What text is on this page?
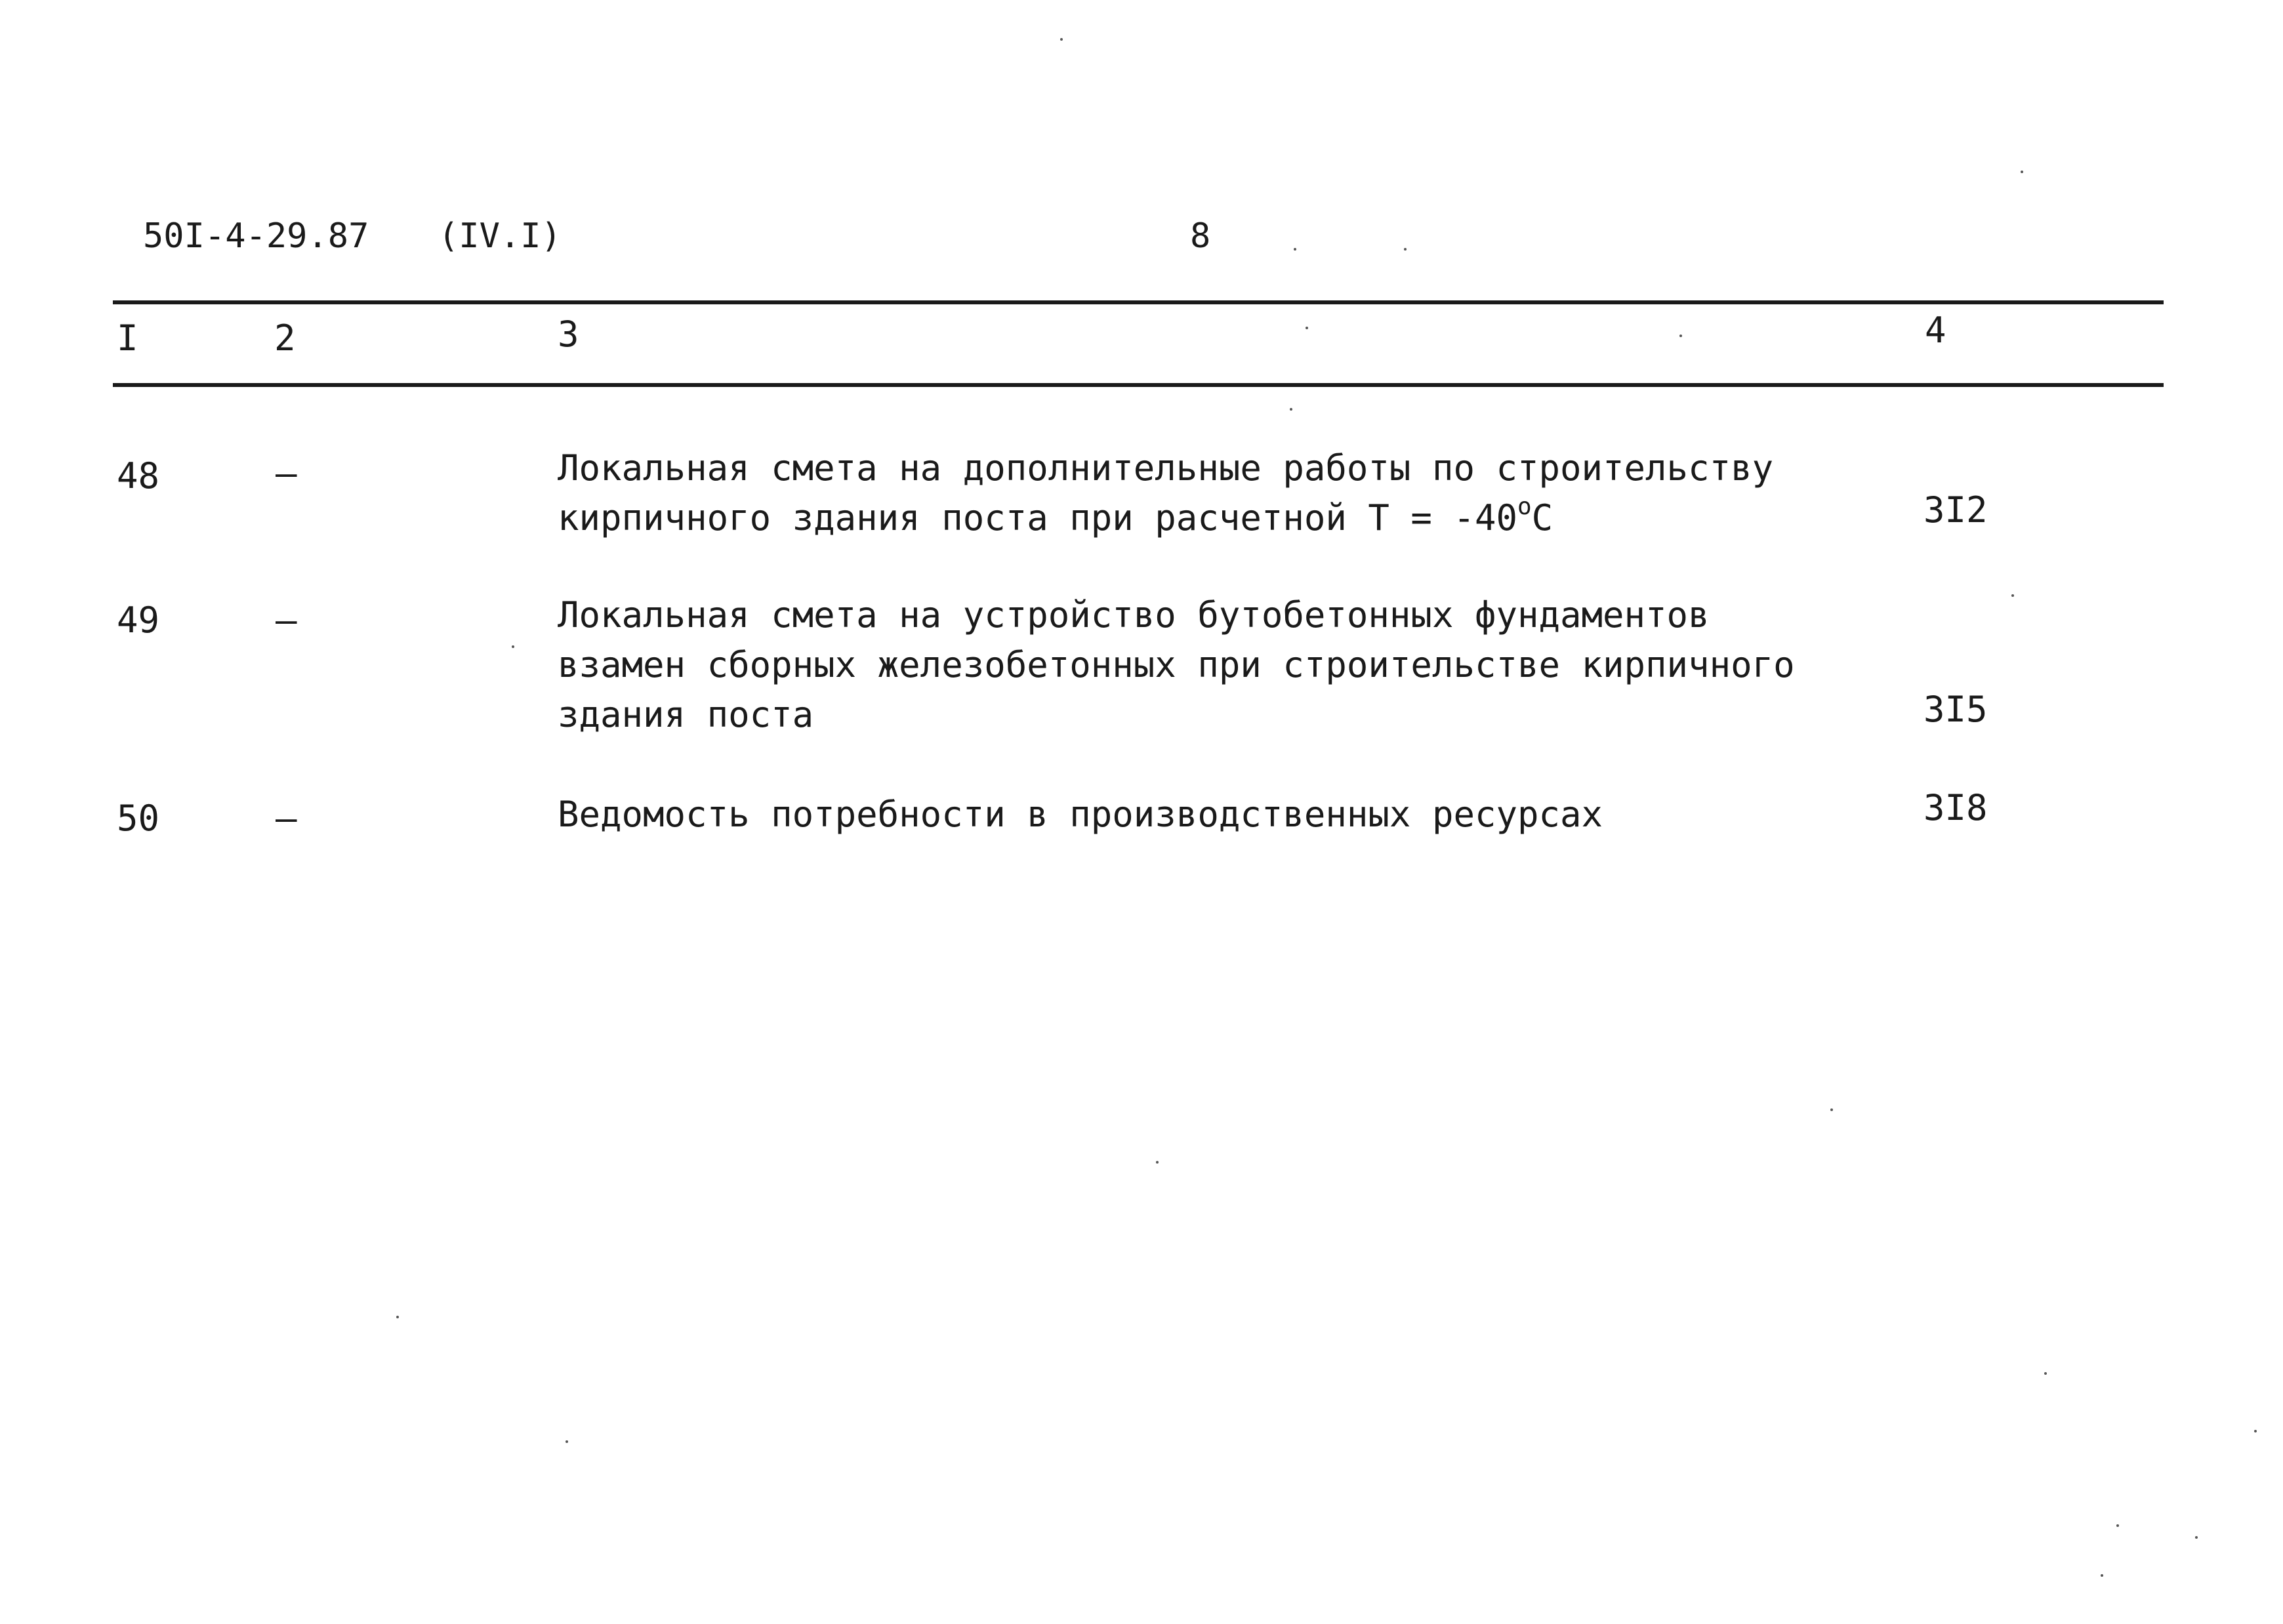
50I-4-29.87 (IV.I)	8
I	2	3	4
48	–	Локальная смета на дополнительные работы по строительству
кирпичного здания поста при расчетной $Т = -40^оС$	3I2
49	–	Локальная смета на устройство бутобетонных фундаментов
взамен сборных железобетонных при строительстве кирпичного
здания поста	3I5
50	–	Ведомость потребности в производственных ресурсах	3I8
